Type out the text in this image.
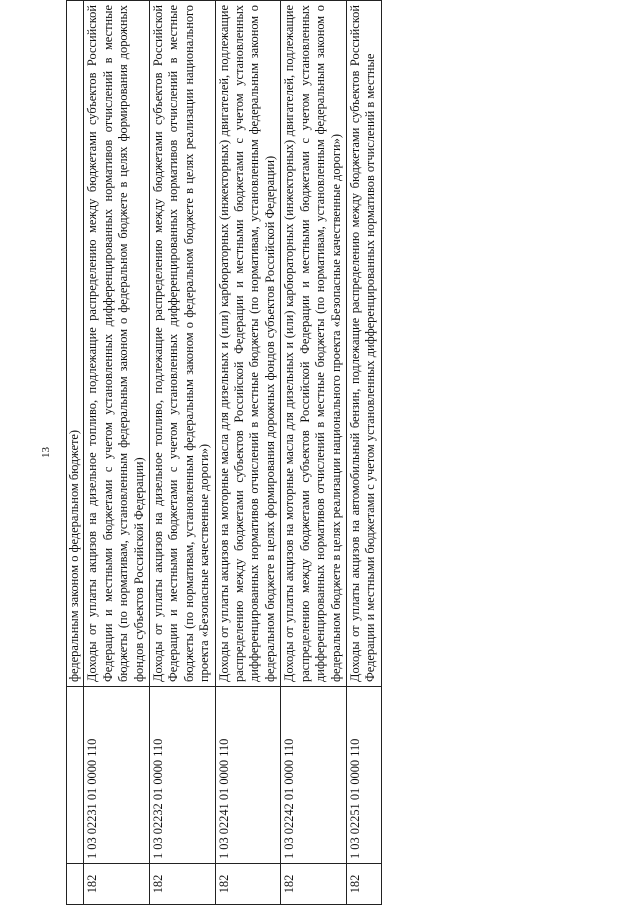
13

		федеральным законом о федеральном бюджете)

182	1 03 02231 01 0000 110	Доходы от уплаты акцизов на дизельное топливо, подлежащие распределению между бюджетами субъектов Российской Федерации и местными бюджетами с учетом установленных дифференцированных нормативов отчислений в местные бюджеты (по нормативам, установленным федеральным законом о федеральном бюджете в целях формирования дорожных фондов субъектов Российской Федерации)
182	1 03 02232 01 0000 110	Доходы от уплаты акцизов на дизельное топливо, подлежащие распределению между бюджетами субъектов Российской Федерации и местными бюджетами с учетом установленных дифференцированных нормативов отчислений в местные бюджеты (по нормативам, установленным федеральным законом о федеральном бюджете в целях реализации национального проекта «Безопасные качественные дороги»)
182	1 03 02241 01 0000 110	Доходы от уплаты акцизов на моторные масла для дизельных и (или) карбюраторных (инжекторных) двигателей, подлежащие распределению между бюджетами субъектов Российской Федерации и местными бюджетами с учетом установленных дифференцированных нормативов отчислений в местные бюджеты (по нормативам, установленным федеральным законом о федеральном бюджете в целях формирования дорожных фондов субъектов Российской Федерации)
182	1 03 02242 01 0000 110	Доходы от уплаты акцизов на моторные масла для дизельных и (или) карбюраторных (инжекторных) двигателей, подлежащие распределению между бюджетами субъектов Российской Федерации и местными бюджетами с учетом установленных дифференцированных нормативов отчислений в местные бюджеты (по нормативам, установленным федеральным законом о федеральном бюджете в целях реализации национального проекта «Безопасные качественные дороги»)
182	1 03 02251 01 0000 110	Доходы от уплаты акцизов на автомобильный бензин, подлежащие распределению между бюджетами субъектов Российской Федерации и местными бюджетами с учетом установленных дифференцированных нормативов отчислений в местные
